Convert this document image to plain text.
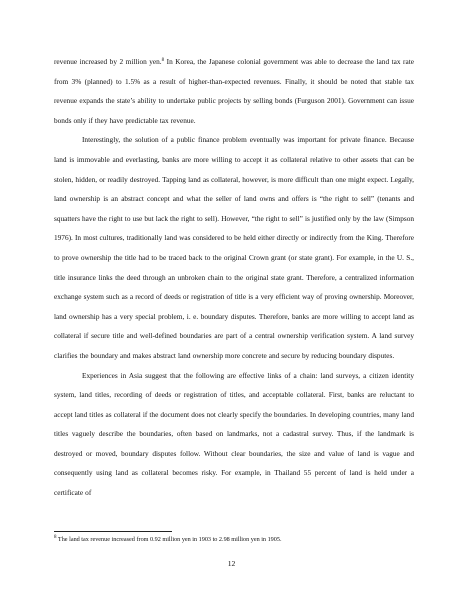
revenue increased by 2 million yen.$^8$ In Korea, the Japanese colonial government was able to decrease the land tax rate from 3% (planned) to 1.5% as a result of higher-than-expected revenues. Finally, it should be noted that stable tax revenue expands the state’s ability to undertake public projects by selling bonds (Furguson 2001). Government can issue bonds only if they have predictable tax revenue.

Interestingly, the solution of a public finance problem eventually was important for private finance. Because land is immovable and everlasting, banks are more willing to accept it as collateral relative to other assets that can be stolen, hidden, or readily destroyed. Tapping land as collateral, however, is more difficult than one might expect. Legally, land ownership is an abstract concept and what the seller of land owns and offers is “the right to sell” (tenants and squatters have the right to use but lack the right to sell). However, “the right to sell” is justified only by the law (Simpson 1976). In most cultures, traditionally land was considered to be held either directly or indirectly from the King. Therefore to prove ownership the title had to be traced back to the original Crown grant (or state grant). For example, in the U. S., title insurance links the deed through an unbroken chain to the original state grant. Therefore, a centralized information exchange system such as a record of deeds or registration of title is a very efficient way of proving ownership. Moreover, land ownership has a very special problem, i. e. boundary disputes. Therefore, banks are more willing to accept land as collateral if secure title and well-defined boundaries are part of a central ownership verification system. A land survey clarifies the boundary and makes abstract land ownership more concrete and secure by reducing boundary disputes.

Experiences in Asia suggest that the following are effective links of a chain: land surveys, a citizen identity system, land titles, recording of deeds or registration of titles, and acceptable collateral. First, banks are reluctant to accept land titles as collateral if the document does not clearly specify the boundaries. In developing countries, many land titles vaguely describe the boundaries, often based on landmarks, not a cadastral survey. Thus, if the landmark is destroyed or moved, boundary disputes follow. Without clear boundaries, the size and value of land is vague and consequently using land as collateral becomes risky. For example, in Thailand 55 percent of land is held under a certificate of

$^8$ The land tax revenue increased from 0.92 million yen in 1903 to 2.98 million yen in 1905.
12
